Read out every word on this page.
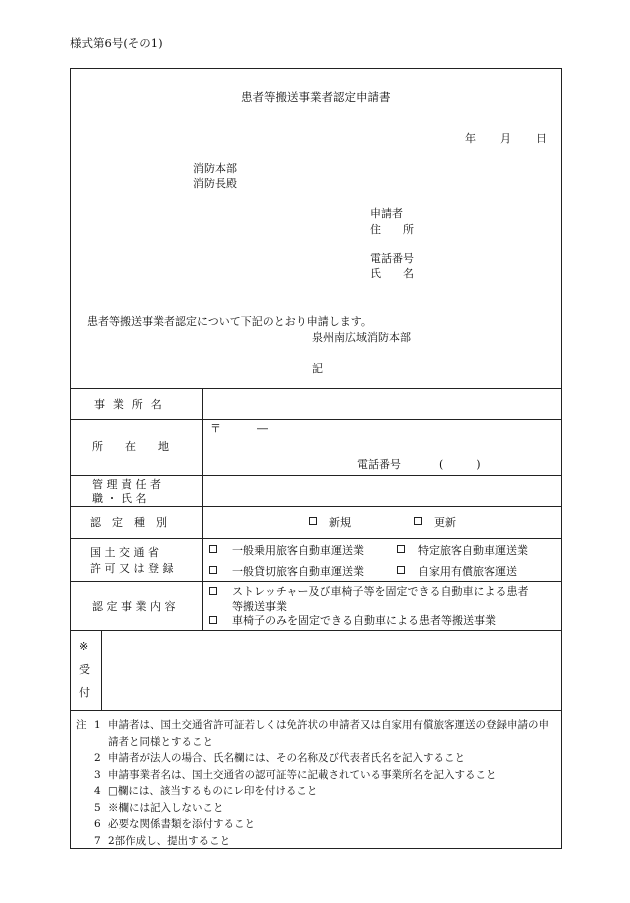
様式第6号(その1)
患者等搬送事業者認定申請書
年 月 日
消防本部
消防長殿
申請者
住　　所
電話番号
氏　　名
患者等搬送事業者認定について下記のとおり申請します。
泉州南広域消防本部
記
事 業 所 名
所　　在　　地
〒	―
電話番号	(　　　)
管 理 責 任 者
職 ・ 氏 名
認　定　種　別	新規	更新
国 土 交 通 省
許 可 又 は 登 録
一般乗用旅客自動車運送業	特定旅客自動車運送業
一般貸切旅客自動車運送業	自家用有償旅客運送
認 定 事 業 内 容
ストレッチャー及び車椅子等を固定できる自動車による患者
等搬送事業
車椅子のみを固定できる自動車による患者等搬送事業
※
受
付
注 1 申請者は、国土交通省許可証若しくは免許状の申請者又は自家用有償旅客運送の登録申請の申請者と同様とすること
2 申請者が法人の場合、氏名欄には、その名称及び代表者氏名を記入すること
3 申請事業者名は、国土交通省の認可証等に記載されている事業所名を記入すること
4 □欄には、該当するものにレ印を付けること
5 ※欄には記入しないこと
6 必要な関係書類を添付すること
7 2部作成し、提出すること
